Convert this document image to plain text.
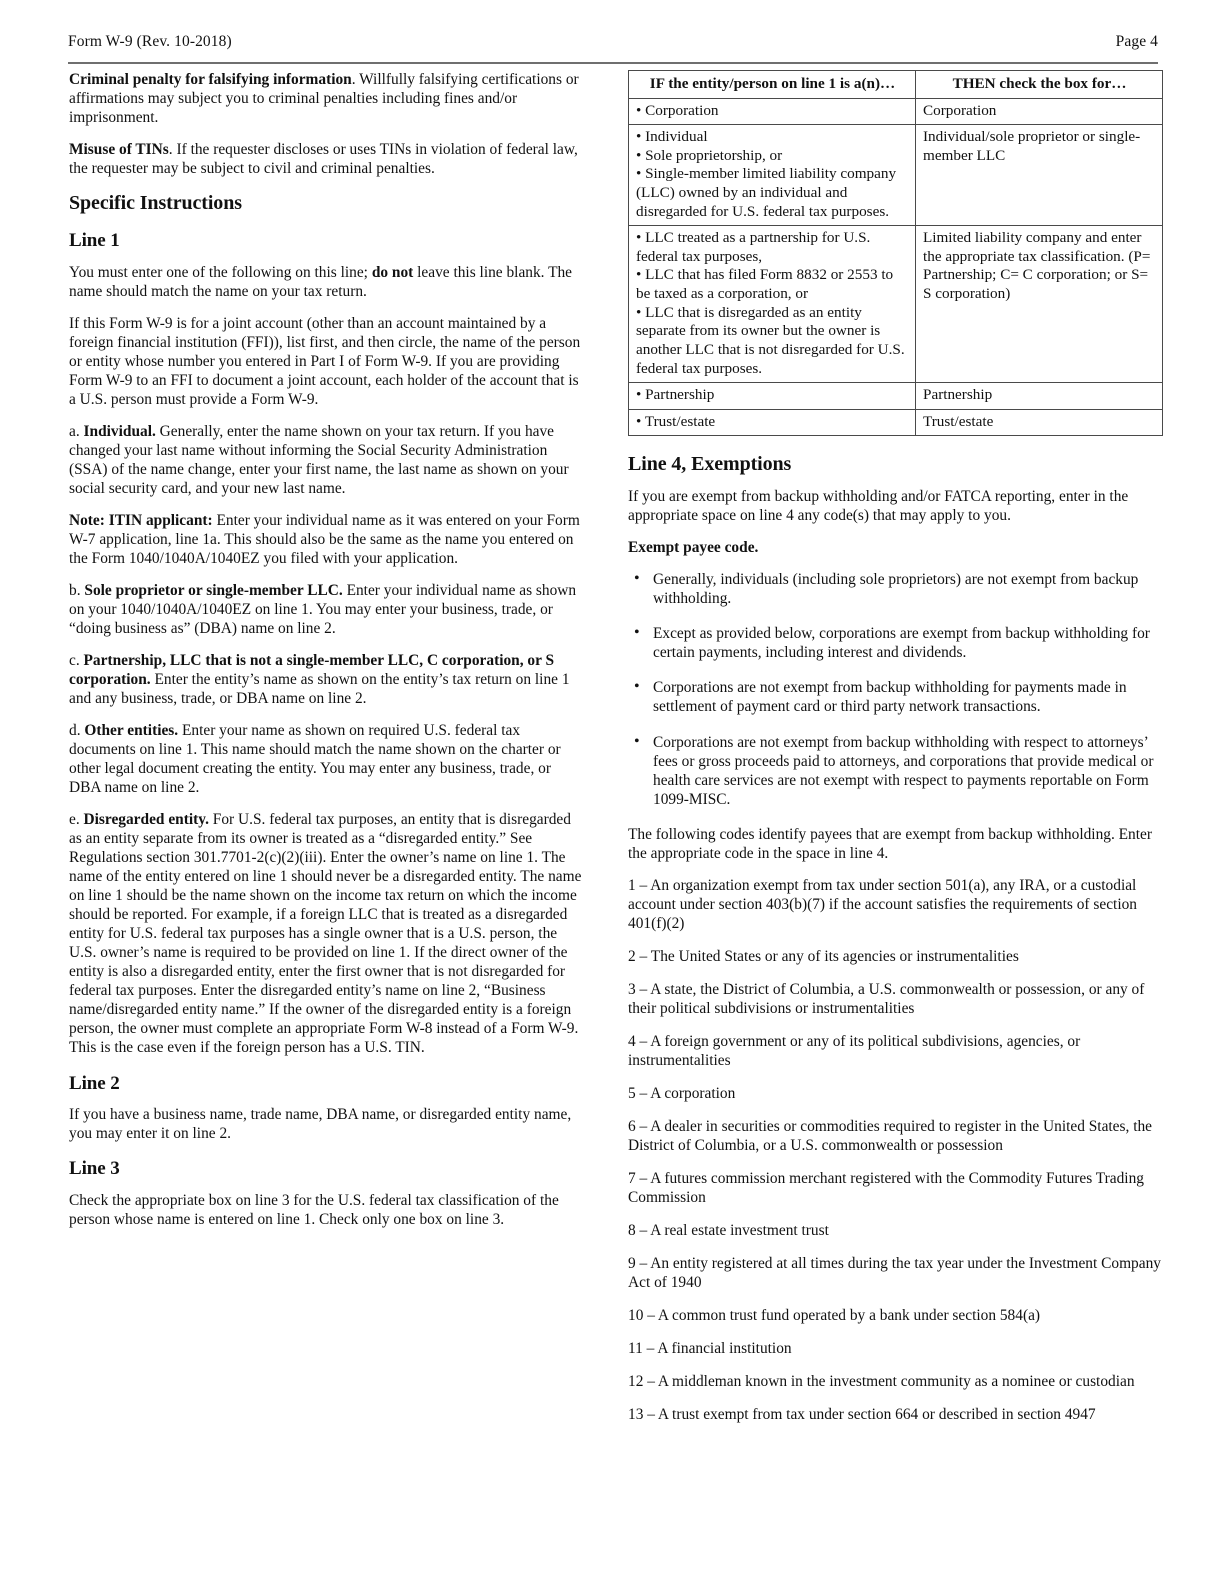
Form W-9 (Rev. 10-2018)	Page 4

Criminal penalty for falsifying information. Willfully falsifying certifications or affirmations may subject you to criminal penalties including fines and/or imprisonment.

Misuse of TINs. If the requester discloses or uses TINs in violation of federal law, the requester may be subject to civil and criminal penalties.

Specific Instructions
Line 1

You must enter one of the following on this line; do not leave this line blank. The name should match the name on your tax return.

If this Form W-9 is for a joint account (other than an account maintained by a foreign financial institution (FFI)), list first, and then circle, the name of the person or entity whose number you entered in Part I of Form W-9. If you are providing Form W-9 to an FFI to document a joint account, each holder of the account that is a U.S. person must provide a Form W-9.

a. Individual. Generally, enter the name shown on your tax return. If you have changed your last name without informing the Social Security Administration (SSA) of the name change, enter your first name, the last name as shown on your social security card, and your new last name.

Note: ITIN applicant: Enter your individual name as it was entered on your Form W-7 application, line 1a. This should also be the same as the name you entered on the Form 1040/1040A/1040EZ you filed with your application.

b. Sole proprietor or single-member LLC. Enter your individual name as shown on your 1040/1040A/1040EZ on line 1. You may enter your business, trade, or “doing business as” (DBA) name on line 2.

c. Partnership, LLC that is not a single-member LLC, C corporation, or S corporation. Enter the entity’s name as shown on the entity’s tax return on line 1 and any business, trade, or DBA name on line 2.

d. Other entities. Enter your name as shown on required U.S. federal tax documents on line 1. This name should match the name shown on the charter or other legal document creating the entity. You may enter any business, trade, or DBA name on line 2.

e. Disregarded entity. For U.S. federal tax purposes, an entity that is disregarded as an entity separate from its owner is treated as a “disregarded entity.” See Regulations section 301.7701-2(c)(2)(iii). Enter the owner’s name on line 1. The name of the entity entered on line 1 should never be a disregarded entity. The name on line 1 should be the name shown on the income tax return on which the income should be reported. For example, if a foreign LLC that is treated as a disregarded entity for U.S. federal tax purposes has a single owner that is a U.S. person, the U.S. owner’s name is required to be provided on line 1. If the direct owner of the entity is also a disregarded entity, enter the first owner that is not disregarded for federal tax purposes. Enter the disregarded entity’s name on line 2, “Business name/disregarded entity name.” If the owner of the disregarded entity is a foreign person, the owner must complete an appropriate Form W-8 instead of a Form W-9. This is the case even if the foreign person has a U.S. TIN.

Line 2

If you have a business name, trade name, DBA name, or disregarded entity name, you may enter it on line 2.

Line 3

Check the appropriate box on line 3 for the U.S. federal tax classification of the person whose name is entered on line 1. Check only one box on line 3.

IF the entity/person on line 1 is a(n)…	THEN check the box for…

• Corporation	Corporation

• Individual
• Sole proprietorship, or
• Single-member limited liability company (LLC) owned by an individual and disregarded for U.S. federal tax purposes.	Individual/sole proprietor or single-member LLC

• LLC treated as a partnership for U.S. federal tax purposes,
• LLC that has filed Form 8832 or 2553 to be taxed as a corporation, or
• LLC that is disregarded as an entity separate from its owner but the owner is another LLC that is not disregarded for U.S. federal tax purposes.	Limited liability company and enter the appropriate tax classification. (P= Partnership; C= C corporation; or S= S corporation)

• Partnership	Partnership

• Trust/estate	Trust/estate
Line 4, Exemptions

If you are exempt from backup withholding and/or FATCA reporting, enter in the appropriate space on line 4 any code(s) that may apply to you.

Exempt payee code.

• Generally, individuals (including sole proprietors) are not exempt from backup withholding.
• Except as provided below, corporations are exempt from backup withholding for certain payments, including interest and dividends.
• Corporations are not exempt from backup withholding for payments made in settlement of payment card or third party network transactions.
• Corporations are not exempt from backup withholding with respect to attorneys’ fees or gross proceeds paid to attorneys, and corporations that provide medical or health care services are not exempt with respect to payments reportable on Form 1099-MISC.

The following codes identify payees that are exempt from backup withholding. Enter the appropriate code in the space in line 4.

1 – An organization exempt from tax under section 501(a), any IRA, or a custodial account under section 403(b)(7) if the account satisfies the requirements of section 401(f)(2)

2 – The United States or any of its agencies or instrumentalities

3 – A state, the District of Columbia, a U.S. commonwealth or possession, or any of their political subdivisions or instrumentalities

4 – A foreign government or any of its political subdivisions, agencies, or instrumentalities

5 – A corporation

6 – A dealer in securities or commodities required to register in the United States, the District of Columbia, or a U.S. commonwealth or possession

7 – A futures commission merchant registered with the Commodity Futures Trading Commission

8 – A real estate investment trust

9 – An entity registered at all times during the tax year under the Investment Company Act of 1940

10 – A common trust fund operated by a bank under section 584(a)

11 – A financial institution

12 – A middleman known in the investment community as a nominee or custodian

13 – A trust exempt from tax under section 664 or described in section 4947
